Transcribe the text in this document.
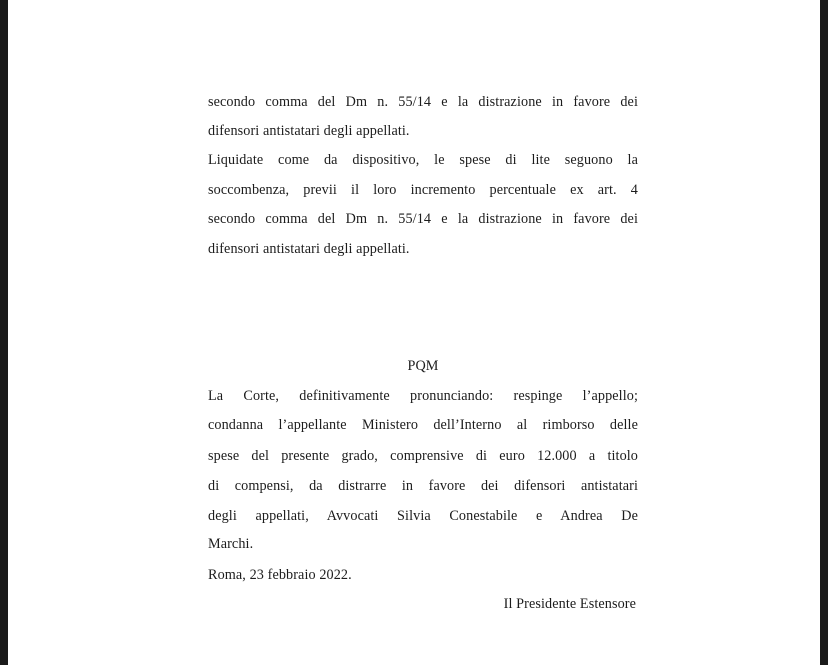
secondo comma del Dm n. 55/14 e la distrazione in favore dei
difensori antistatari degli appellati.
Liquidate come da dispositivo, le spese di lite seguono la
soccombenza, previi il loro incremento percentuale ex art. 4
secondo comma del Dm n. 55/14 e la distrazione in favore dei
difensori antistatari degli appellati.
PQM
La Corte, definitivamente pronunciando: respinge l’appello;
condanna l’appellante Ministero dell’Interno al rimborso delle
spese del presente grado, comprensive di euro 12.000 a titolo
di compensi, da distrarre in favore dei difensori antistatari
degli appellati, Avvocati Silvia Conestabile e Andrea De
Marchi.
Roma, 23 febbraio 2022.
Il Presidente Estensore
